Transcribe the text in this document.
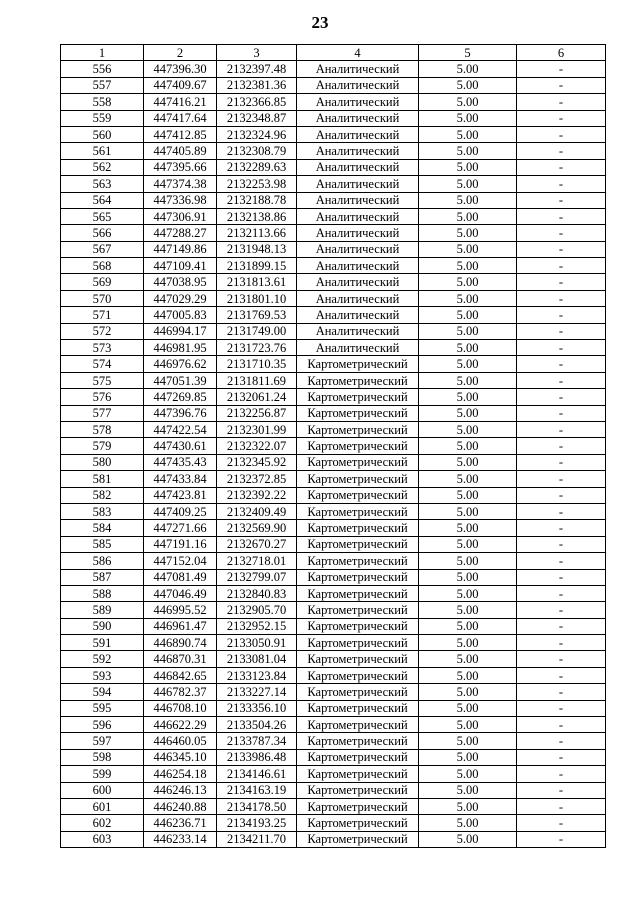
23
1	2	3	4	5	6
556	447396.30	2132397.48	Аналитический	5.00	-
557	447409.67	2132381.36	Аналитический	5.00	-
558	447416.21	2132366.85	Аналитический	5.00	-
559	447417.64	2132348.87	Аналитический	5.00	-
560	447412.85	2132324.96	Аналитический	5.00	-
561	447405.89	2132308.79	Аналитический	5.00	-
562	447395.66	2132289.63	Аналитический	5.00	-
563	447374.38	2132253.98	Аналитический	5.00	-
564	447336.98	2132188.78	Аналитический	5.00	-
565	447306.91	2132138.86	Аналитический	5.00	-
566	447288.27	2132113.66	Аналитический	5.00	-
567	447149.86	2131948.13	Аналитический	5.00	-
568	447109.41	2131899.15	Аналитический	5.00	-
569	447038.95	2131813.61	Аналитический	5.00	-
570	447029.29	2131801.10	Аналитический	5.00	-
571	447005.83	2131769.53	Аналитический	5.00	-
572	446994.17	2131749.00	Аналитический	5.00	-
573	446981.95	2131723.76	Аналитический	5.00	-
574	446976.62	2131710.35	Картометрический	5.00	-
575	447051.39	2131811.69	Картометрический	5.00	-
576	447269.85	2132061.24	Картометрический	5.00	-
577	447396.76	2132256.87	Картометрический	5.00	-
578	447422.54	2132301.99	Картометрический	5.00	-
579	447430.61	2132322.07	Картометрический	5.00	-
580	447435.43	2132345.92	Картометрический	5.00	-
581	447433.84	2132372.85	Картометрический	5.00	-
582	447423.81	2132392.22	Картометрический	5.00	-
583	447409.25	2132409.49	Картометрический	5.00	-
584	447271.66	2132569.90	Картометрический	5.00	-
585	447191.16	2132670.27	Картометрический	5.00	-
586	447152.04	2132718.01	Картометрический	5.00	-
587	447081.49	2132799.07	Картометрический	5.00	-
588	447046.49	2132840.83	Картометрический	5.00	-
589	446995.52	2132905.70	Картометрический	5.00	-
590	446961.47	2132952.15	Картометрический	5.00	-
591	446890.74	2133050.91	Картометрический	5.00	-
592	446870.31	2133081.04	Картометрический	5.00	-
593	446842.65	2133123.84	Картометрический	5.00	-
594	446782.37	2133227.14	Картометрический	5.00	-
595	446708.10	2133356.10	Картометрический	5.00	-
596	446622.29	2133504.26	Картометрический	5.00	-
597	446460.05	2133787.34	Картометрический	5.00	-
598	446345.10	2133986.48	Картометрический	5.00	-
599	446254.18	2134146.61	Картометрический	5.00	-
600	446246.13	2134163.19	Картометрический	5.00	-
601	446240.88	2134178.50	Картометрический	5.00	-
602	446236.71	2134193.25	Картометрический	5.00	-
603	446233.14	2134211.70	Картометрический	5.00	-
